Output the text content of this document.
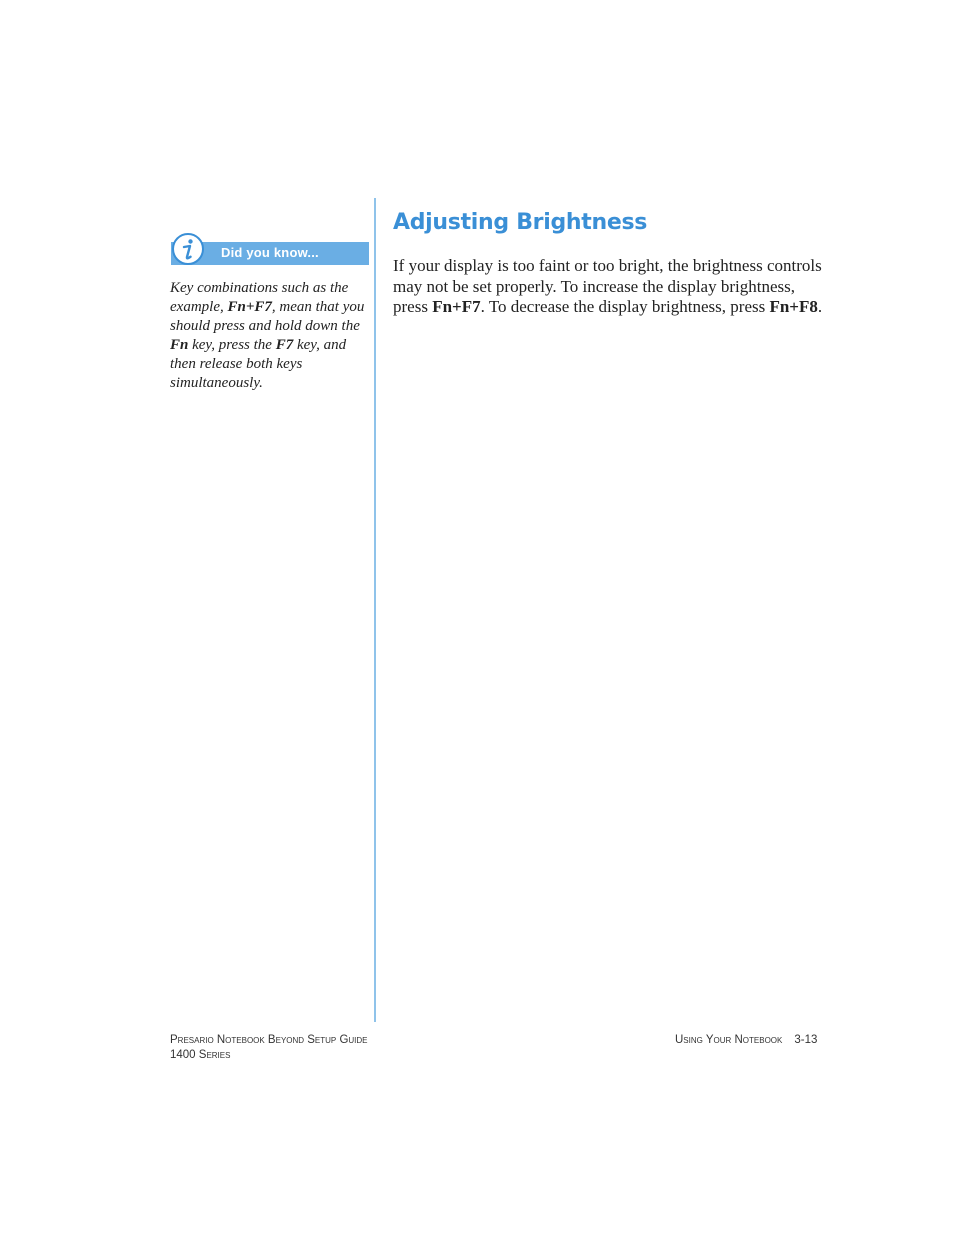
Did you know...
Key combinations such as the example, Fn+F7, mean that you should press and hold down the Fn key, press the F7 key, and then release both keys simultaneously.
Adjusting Brightness
If your display is too faint or too bright, the brightness controls may not be set properly. To increase the display brightness, press Fn+F7. To decrease the display brightness, press Fn+F8.
Presario Notebook Beyond Setup Guide
1400 Series
Using Your Notebook 3-13
